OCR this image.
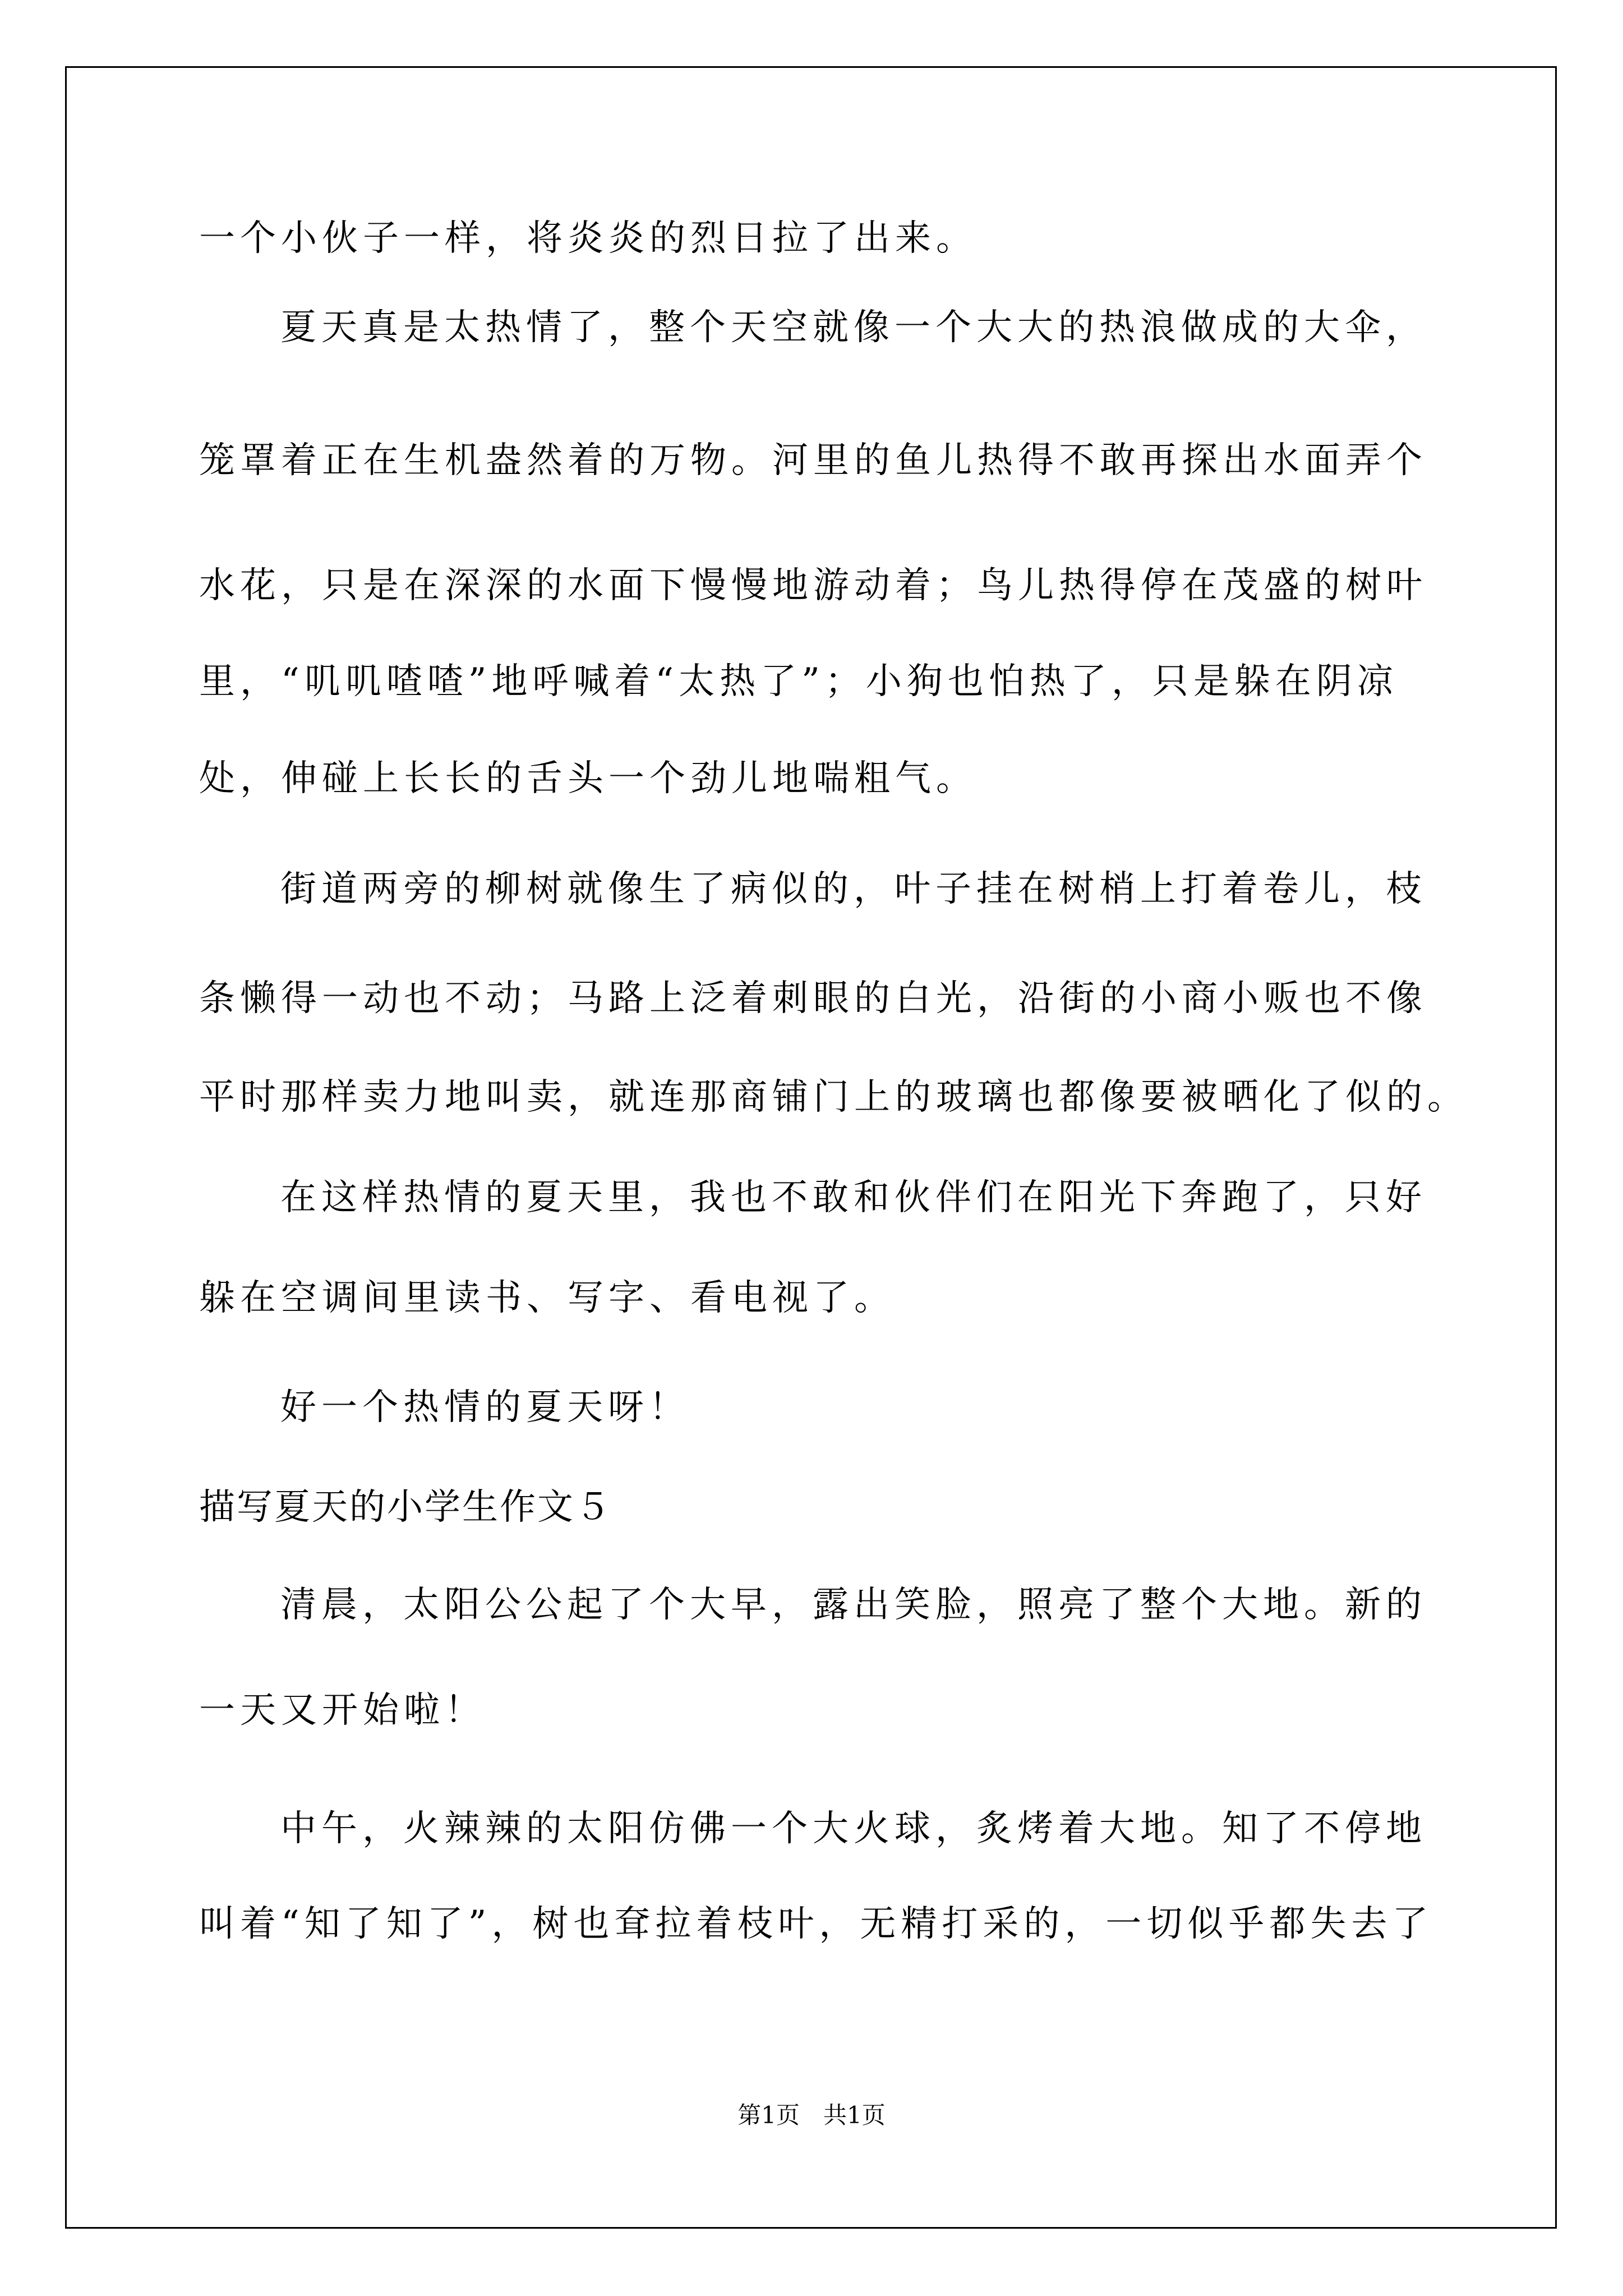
一个小伙子一样，将炎炎的烈日拉了出来。
夏天真是太热情了，整个天空就像一个大大的热浪做成的大伞，
笼罩着正在生机盎然着的万物。河里的鱼儿热得不敢再探出水面弄个
水花，只是在深深的水面下慢慢地游动着；鸟儿热得停在茂盛的树叶
里，“叽叽喳喳”地呼喊着“太热了”；小狗也怕热了，只是躲在阴凉
处，伸碰上长长的舌头一个劲儿地喘粗气。
街道两旁的柳树就像生了病似的，叶子挂在树梢上打着卷儿，枝
条懒得一动也不动；马路上泛着刺眼的白光，沿街的小商小贩也不像
平时那样卖力地叫卖，就连那商铺门上的玻璃也都像要被晒化了似的。
在这样热情的夏天里，我也不敢和伙伴们在阳光下奔跑了，只好
躲在空调间里读书、写字、看电视了。
好一个热情的夏天呀！
描写夏天的小学生作文５
清晨，太阳公公起了个大早，露出笑脸，照亮了整个大地。新的
一天又开始啦！
中午，火辣辣的太阳仿佛一个大火球，炙烤着大地。知了不停地
叫着“知了知了”，树也耷拉着枝叶，无精打采的，一切似乎都失去了
第1页　共1页
